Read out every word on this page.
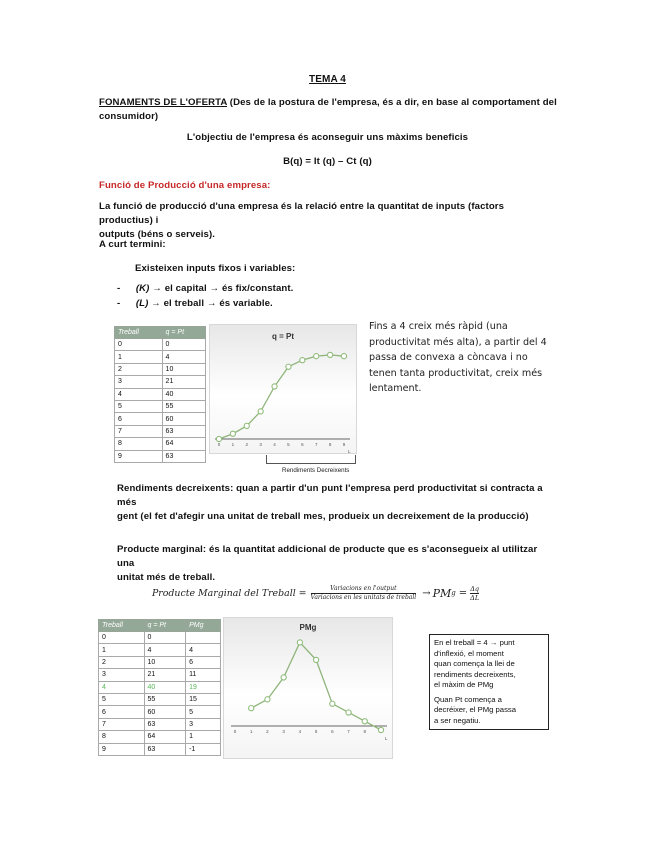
TEMA 4
FONAMENTS DE L'OFERTA (Des de la postura de l'empresa, és a dir, en base al comportament del
consumidor)
L'objectiu de l'empresa és aconseguir uns màxims beneficis
B(q) = It (q) – Ct (q)
Funció de Producció d'una empresa:
La funció de producció d'una empresa és la relació entre la quantitat de inputs (factors productius) i
outputs (béns o serveis).
A curt termini:
Existeixen inputs fixos i variables:
- (K) → el capital → és fix/constant.
- (L) → el treball → és variable.
Treball	q = Pt
0	0
1	4
2	10
3	21
4	40
5	55
6	60
7	63
8	64
9	63
q = Pt
0	1	2	3	4	5	6	7	8	9
L
Rendiments Decreixents
Fins a 4 creix més ràpid (una
productivitat més alta), a partir del 4
passa de convexa a còncava i no
tenen tanta productivitat, creix més
lentament.
Rendiments decreixents: quan a partir d'un punt l'empresa perd productivitat si contracta a més
gent (el fet d'afegir una unitat de treball mes, produeix un decreixement de la producció)
Producte marginal: és la quantitat addicional de producte que es s'aconsegueix al utilitzar una
unitat més de treball.
Producte Marginal del Treball =	Variacions en l'output
Variacions en les unitats de treball → PM $g = \frac{\Delta q}{\Delta L}$
Treball	q = Pt	PMg
0	0	
1	4	4
2	10	6
3	21	11
4	40	19
5	55	15
6	60	5
7	63	3
8	64	1
9	63	-1
PMg
0	1	2	3	4	5	6	7	8
L
En el treball = 4 → punt
d'inflexió, el moment
quan comença la llei de
rendiments decreixents,
el màxim de PMg
Quan Pt comença a
decréixer, el PMg passa
a ser negatiu.
